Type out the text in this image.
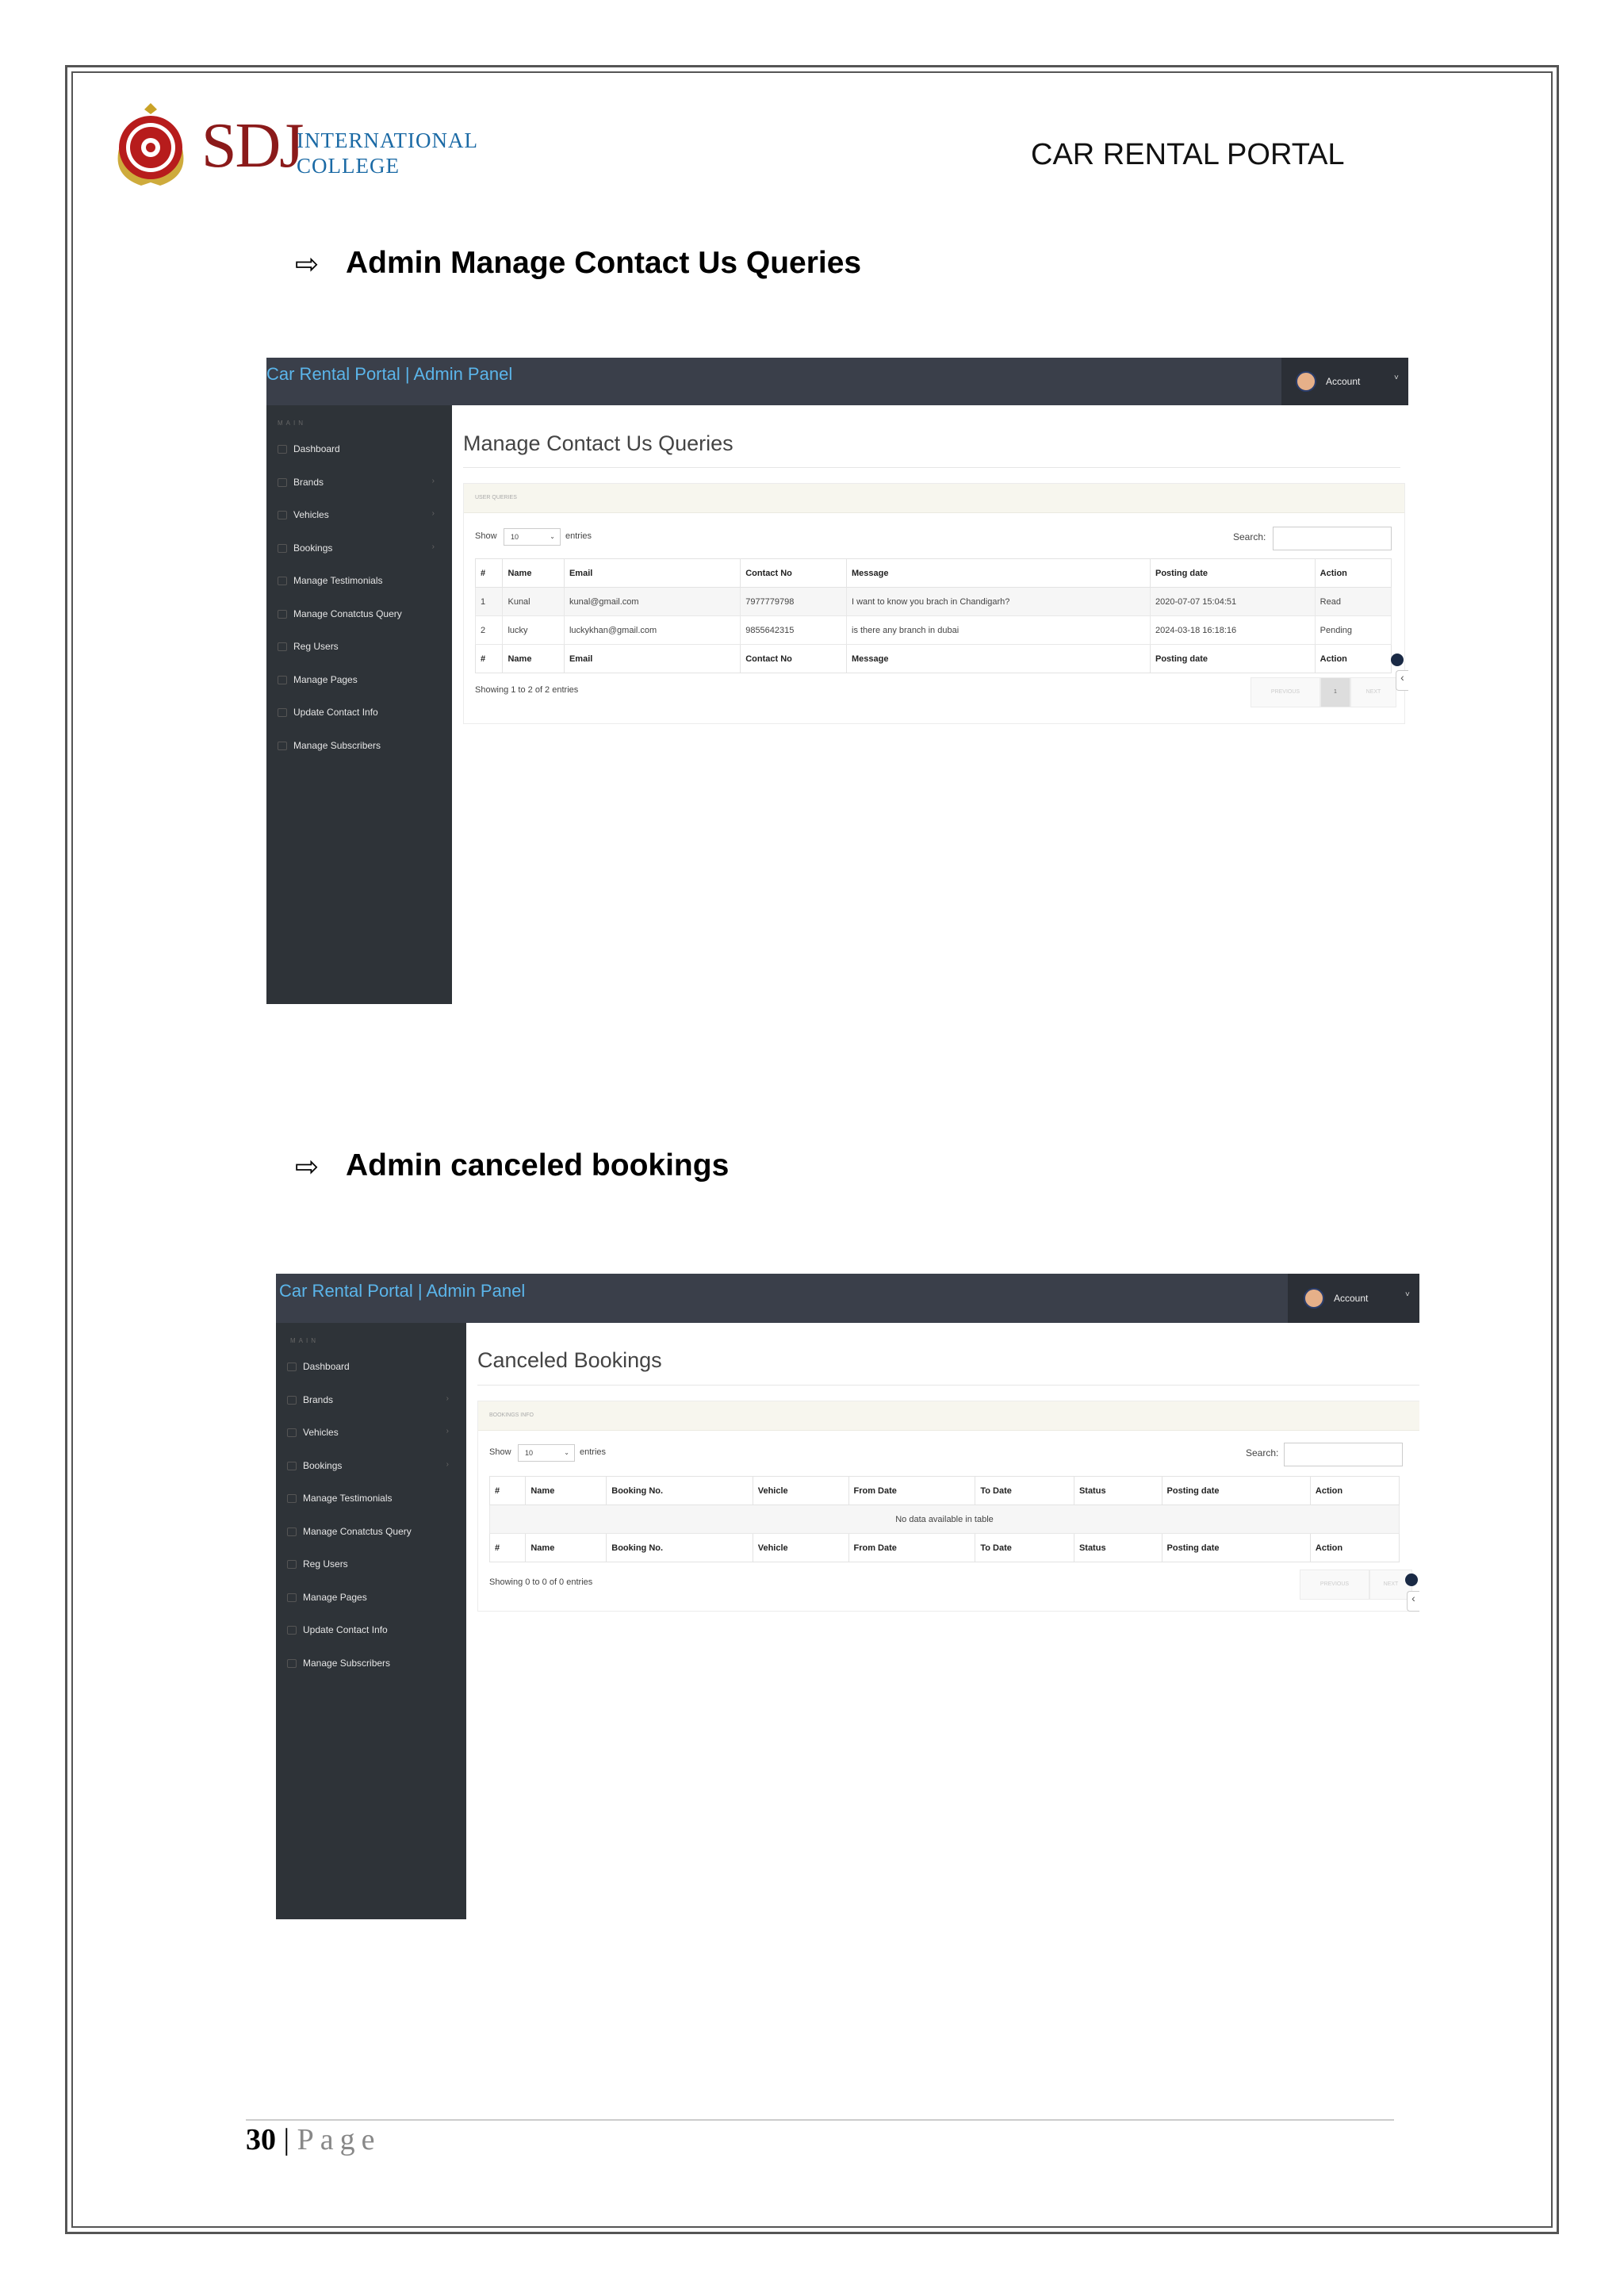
SDJ
INTERNATIONAL
COLLEGE	CAR RENTAL PORTAL
⇨ Admin Manage Contact Us Queries
Car Rental Portal | Admin Panel	Account	˅
MAIN
Dashboard
Brands	›
Vehicles	›
Bookings	›
Manage Testimonials
Manage Conatctus Query
Reg Users
Manage Pages
Update Contact Info
Manage Subscribers
Manage Contact Us Queries
USER QUERIES
Show	10	⌄ entries	Search:
#	Name	Email	Contact No	Message	Posting date	Action
1	Kunal	kunal@gmail.com	7977779798	I want to know you brach in Chandigarh?	2020-07-07 15:04:51	Read
2	lucky	luckykhan@gmail.com	9855642315	is there any branch in dubai	2024-03-18 16:18:16	Pending
#	Name	Email	Contact No	Message	Posting date	Action
Showing 1 to 2 of 2 entries	PREVIOUS	1	NEXT
‹
⇨ Admin canceled bookings
Car Rental Portal | Admin Panel	Account	˅
MAIN
Dashboard
Brands	›
Vehicles	›
Bookings	›
Manage Testimonials
Manage Conatctus Query
Reg Users
Manage Pages
Update Contact Info
Manage Subscribers
Canceled Bookings
BOOKINGS INFO
Show	10	⌄ entries	Search:
#	Name	Booking No.	Vehicle	From Date	To Date	Status	Posting date	Action
No data available in table								
#	Name	Booking No.	Vehicle	From Date	To Date	Status	Posting date	Action
Showing 0 to 0 of 0 entries	PREVIOUS	NEXT
‹
30 | Page
